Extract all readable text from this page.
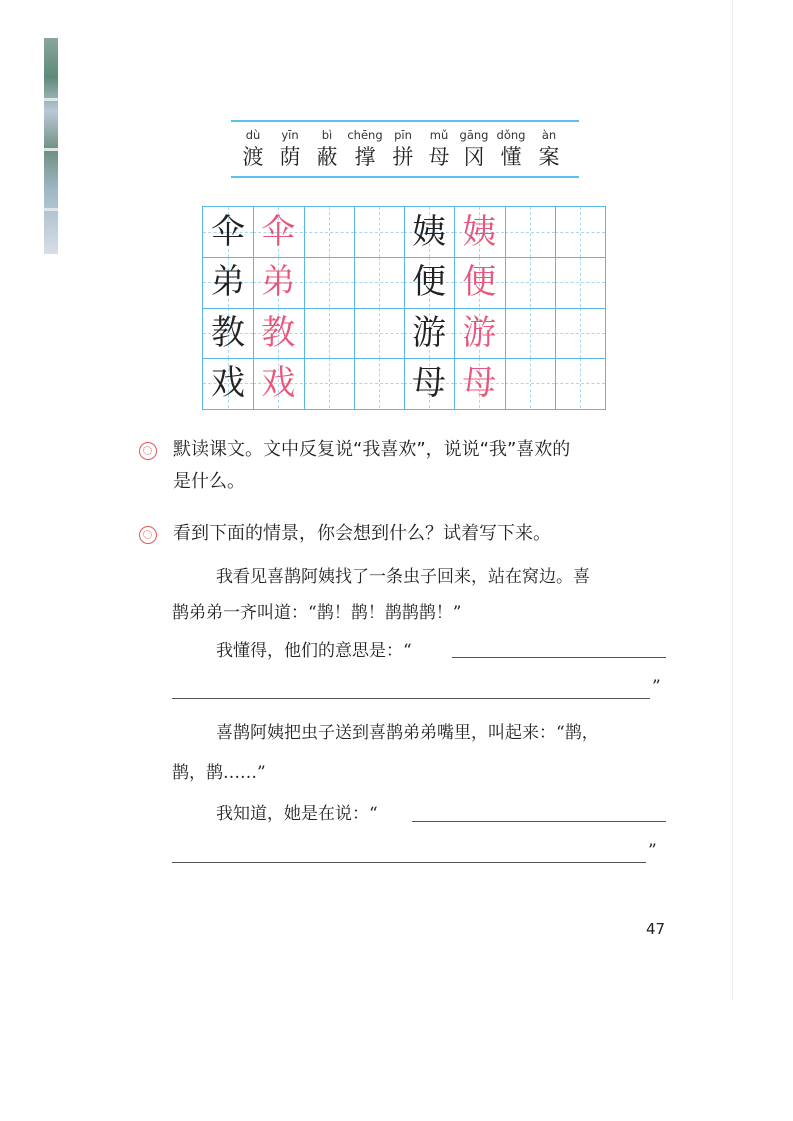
dù
渡
yīn
荫
bì
蔽
chēng
撑
pīn
拼
mǔ
母
gāng
冈
dǒng
懂
àn
案
伞 伞	姨 姨
弟 弟	便 便
教 教	游 游
戏 戏	母 母
默读课文。文中反复说“我喜欢”，说说“我”喜欢的
是什么。
看到下面的情景，你会想到什么？试着写下来。
我看见喜鹊阿姨找了一条虫子回来，站在窝边。喜
鹊弟弟一齐叫道：“鹊！鹊！鹊鹊鹊！”
我懂得，他们的意思是：“
”
喜鹊阿姨把虫子送到喜鹊弟弟嘴里，叫起来：“鹊，
鹊，鹊……”
我知道，她是在说：“
”
47
